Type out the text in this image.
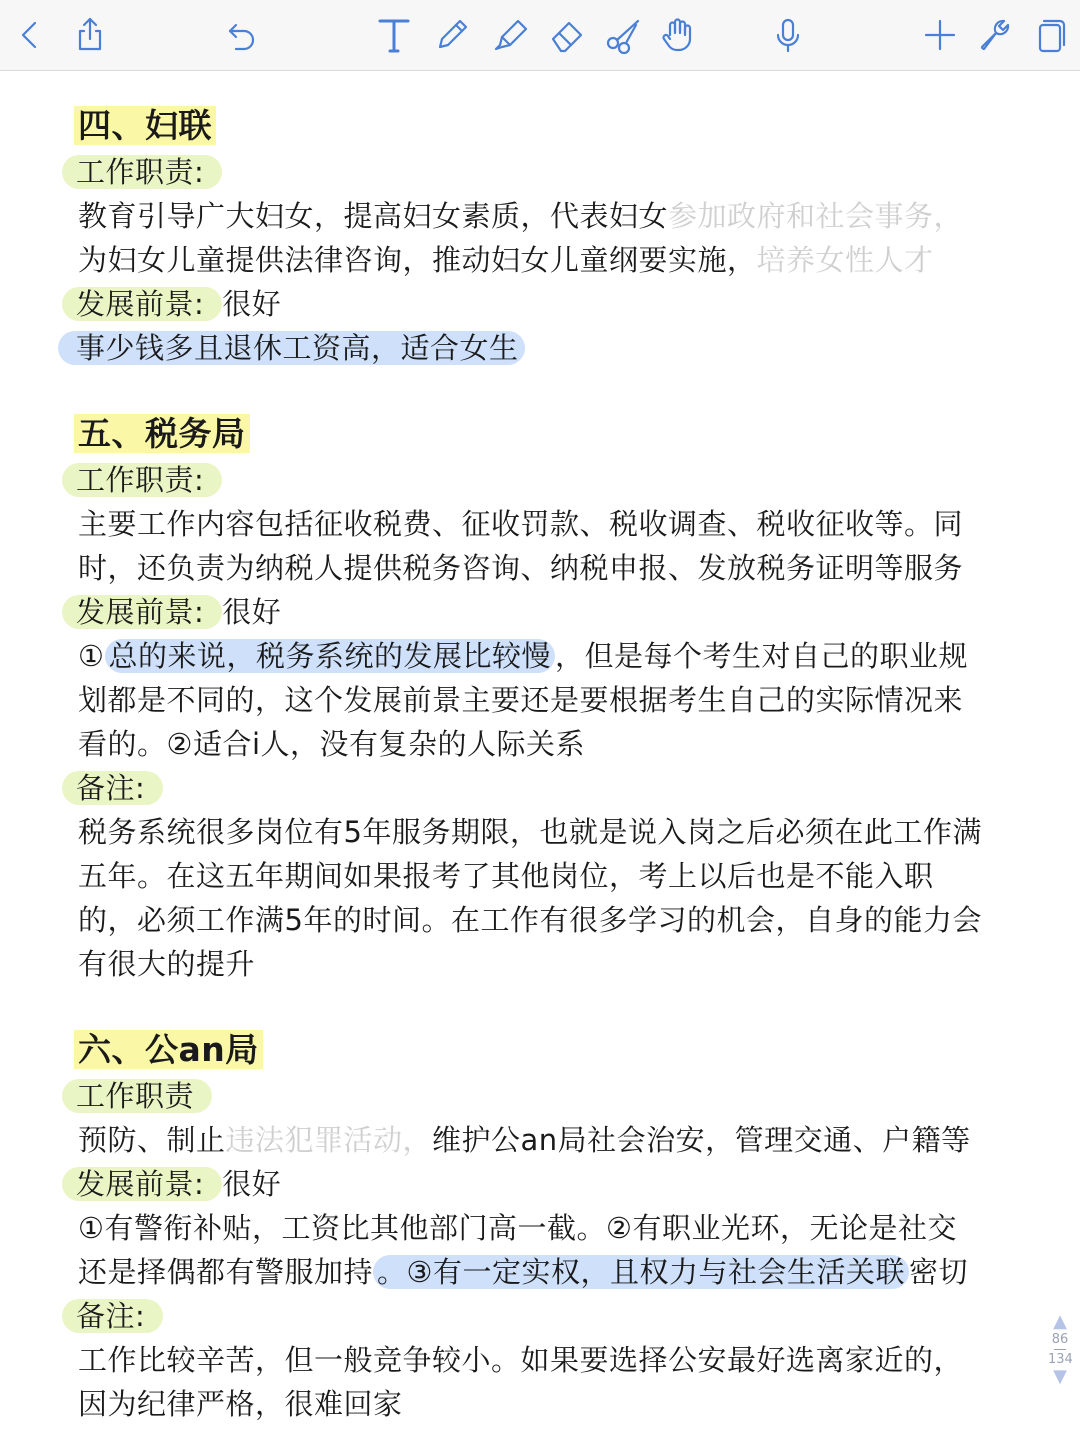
四、妇联
工作职责:
教育引导广大妇女，提高妇女素质，代表妇女参加政府和社会事务，
为妇女儿童提供法律咨询，推动妇女儿童纲要实施，培养女性人才
发展前景: 很好
事少钱多且退休工资高，适合女生
五、税务局
工作职责:
主要工作内容包括征收税费、征收罚款、税收调查、税收征收等。同
时，还负责为纳税人提供税务咨询、纳税申报、发放税务证明等服务
发展前景: 很好
① 总的来说，税务系统的发展比较慢 ，但是每个考生对自己的职业规
划都是不同的，这个发展前景主要还是要根据考生自己的实际情况来
看的。②适合i人，没有复杂的人际关系
备注:
税务系统很多岗位有5年服务期限，也就是说入岗之后必须在此工作满
五年。在这五年期间如果报考了其他岗位，考上以后也是不能入职
的，必须工作满5年的时间。在工作有很多学习的机会，自身的能力会
有很大的提升
六、公an局
工作职责
预防、制止违法犯罪活动，维护公an局社会治安，管理交通、户籍等
发展前景: 很好
①有警衔补贴，工资比其他部门高一截。②有职业光环，无论是社交
还是择偶都有警服加持 。③有一定实权，且权力与社会生活关联 密切
备注:
工作比较辛苦，但一般竞争较小。如果要选择公安最好选离家近的，
因为纪律严格，很难回家
▲
86
134
▼
